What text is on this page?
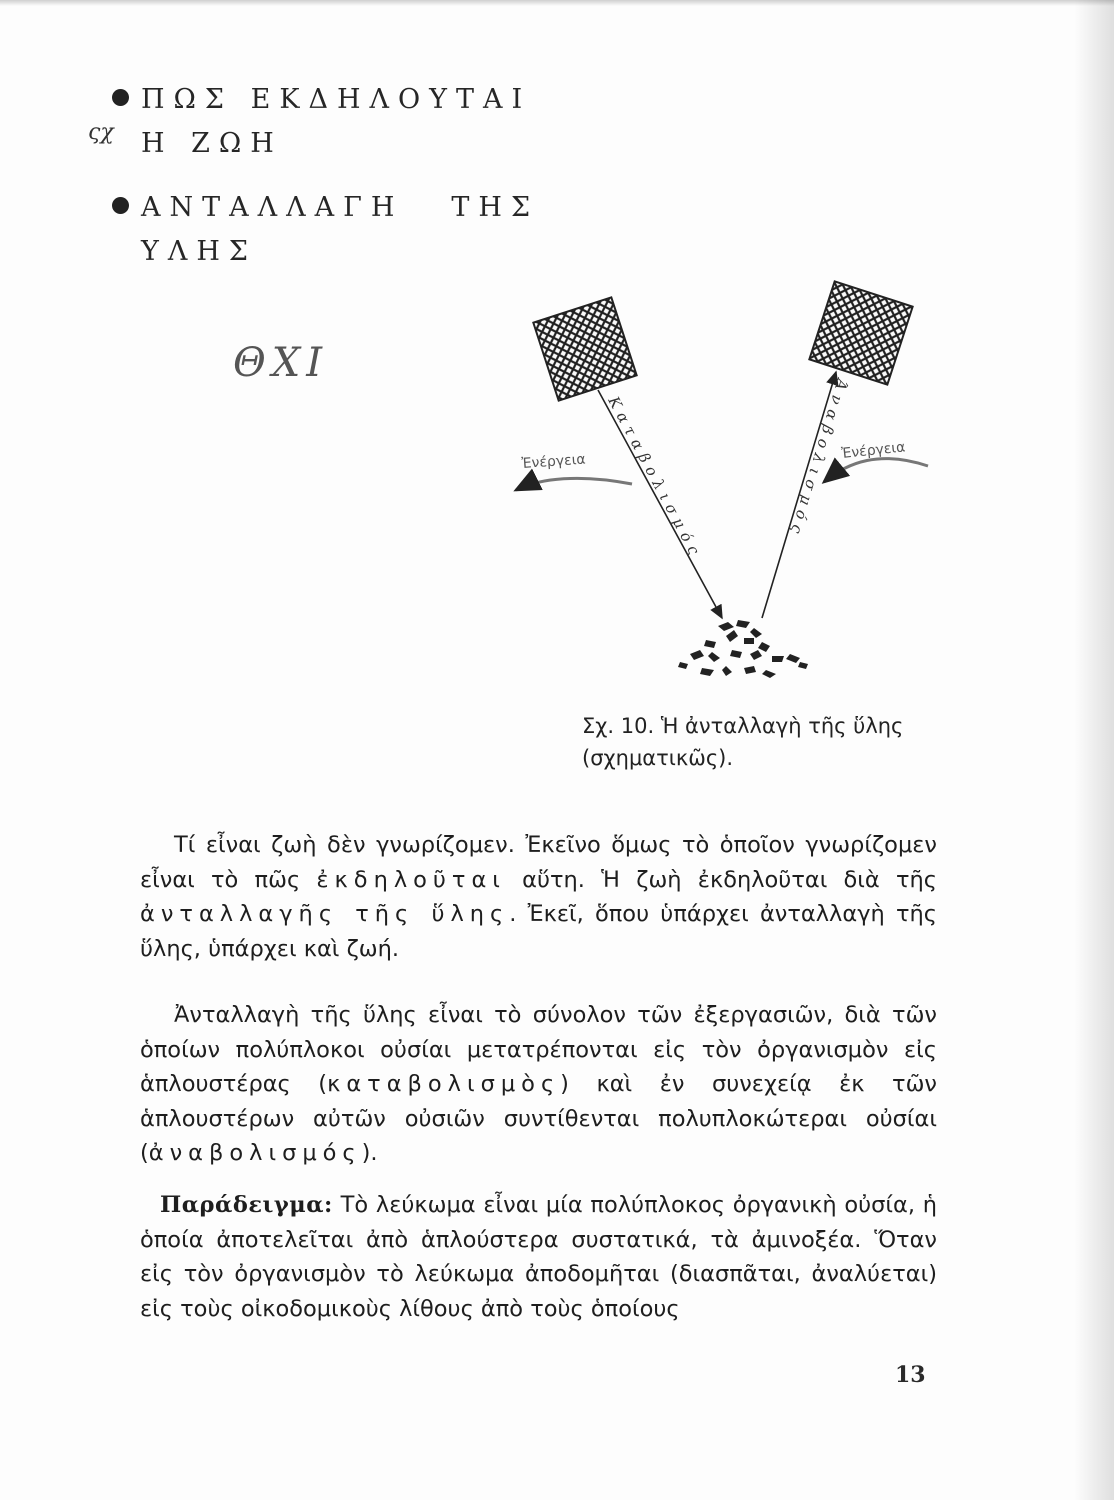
ΠΩΣ ΕΚΔΗΛΟΥΤΑΙ
Η ΖΩΗ
ΑΝΤΑΛΛΑΓΗ ΤΗΣ
ΥΛΗΣ
ςχ
ΘΧΙ
Καταβολισμός	Άναβολισμός
Ἐνέργεια	Ἐνέργεια
Σχ. 10. Ἡ ἀνταλλαγὴ τῆς ὕλης (σχηματικῶς).

Τί εἶναι ζωὴ δὲν γνωρίζομεν. Ἐκεῖνο ὅμως τὸ ὁποῖον γνωρίζομεν εἶναι τὸ πῶς ἐκδηλοῦται αὕτη. Ἡ ζωὴ ἐκδηλοῦται διὰ τῆς ἀνταλλαγῆς τῆς ὕλης. Ἐκεῖ, ὅπου ὑπάρχει ἀνταλλαγὴ τῆς ὕλης, ὑπάρχει καὶ ζωή.

Ἀνταλλαγὴ τῆς ὕλης εἶναι τὸ σύνολον τῶν ἐξεργασιῶν, διὰ τῶν ὁποίων πολύπλοκοι οὐσίαι μετατρέπονται εἰς τὸν ὀργανισμὸν εἰς ἁπλουστέρας (καταβολισμὸς) καὶ ἐν συνεχείᾳ ἐκ τῶν ἁπλουστέρων αὐτῶν οὐσιῶν συντίθενται πολυπλοκώτεραι οὐσίαι (ἀναβολισμός).

Παράδειγμα: Τὸ λεύκωμα εἶναι μία πολύπλοκος ὀργανικὴ οὐσία, ἡ ὁποία ἀποτελεῖται ἀπὸ ἁπλούστερα συστατικά, τὰ ἀμινοξέα. Ὅταν εἰς τὸν ὀργανισμὸν τὸ λεύκωμα ἀποδομῆται (διασπᾶται, ἀναλύεται) εἰς τοὺς οἰκοδομικοὺς λίθους ἀπὸ τοὺς ὁποίους

13
